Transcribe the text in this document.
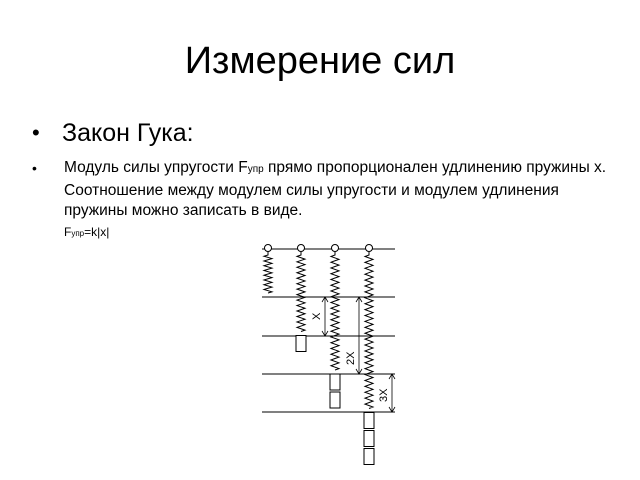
Измерение сил
• Закон Гука:
• Модуль силы упругости Fупр прямо пропорционален удлинению пружины x. Соотношение между модулем силы упругости и модулем удлинения пружины можно записать в виде.
Fупр=k|x|
X
2X
3X
